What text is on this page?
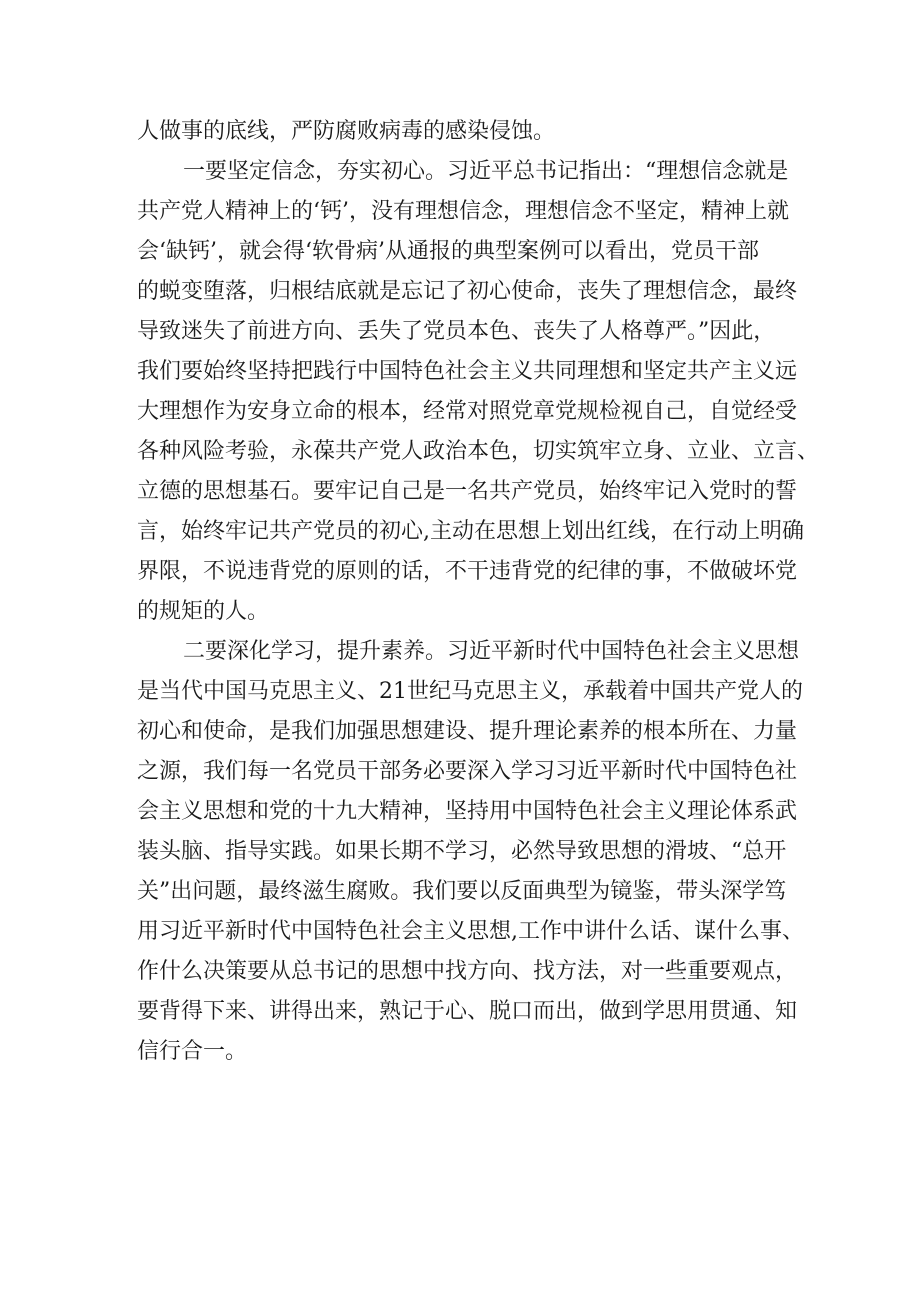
人做事的底线，严防腐败病毒的感染侵蚀。
一要坚定信念，夯实初心。习近平总书记指出：“理想信念就是
共产党人精神上的‘钙’，没有理想信念，理想信念不坚定，精神上就
会‘缺钙’，就会得‘软骨病’从通报的典型案例可以看出，党员干部
的蜕变堕落，归根结底就是忘记了初心使命，丧失了理想信念，最终
导致迷失了前进方向、丢失了党员本色、丧失了人格尊严。”因此，
我们要始终坚持把践行中国特色社会主义共同理想和坚定共产主义远
大理想作为安身立命的根本，经常对照党章党规检视自己，自觉经受
各种风险考验，永葆共产党人政治本色，切实筑牢立身、立业、立言、
立德的思想基石。要牢记自己是一名共产党员，始终牢记入党时的誓
言，始终牢记共产党员的初心,主动在思想上划出红线，在行动上明确
界限，不说违背党的原则的话，不干违背党的纪律的事，不做破坏党
的规矩的人。
二要深化学习，提升素养。习近平新时代中国特色社会主义思想
是当代中国马克思主义、21世纪马克思主义，承载着中国共产党人的
初心和使命，是我们加强思想建设、提升理论素养的根本所在、力量
之源，我们每一名党员干部务必要深入学习习近平新时代中国特色社
会主义思想和党的十九大精神，坚持用中国特色社会主义理论体系武
装头脑、指导实践。如果长期不学习，必然导致思想的滑坡、“总开
关”出问题，最终滋生腐败。我们要以反面典型为镜鉴，带头深学笃
用习近平新时代中国特色社会主义思想,工作中讲什么话、谋什么事、
作什么决策要从总书记的思想中找方向、找方法，对一些重要观点，
要背得下来、讲得出来，熟记于心、脱口而出，做到学思用贯通、知
信行合一。
